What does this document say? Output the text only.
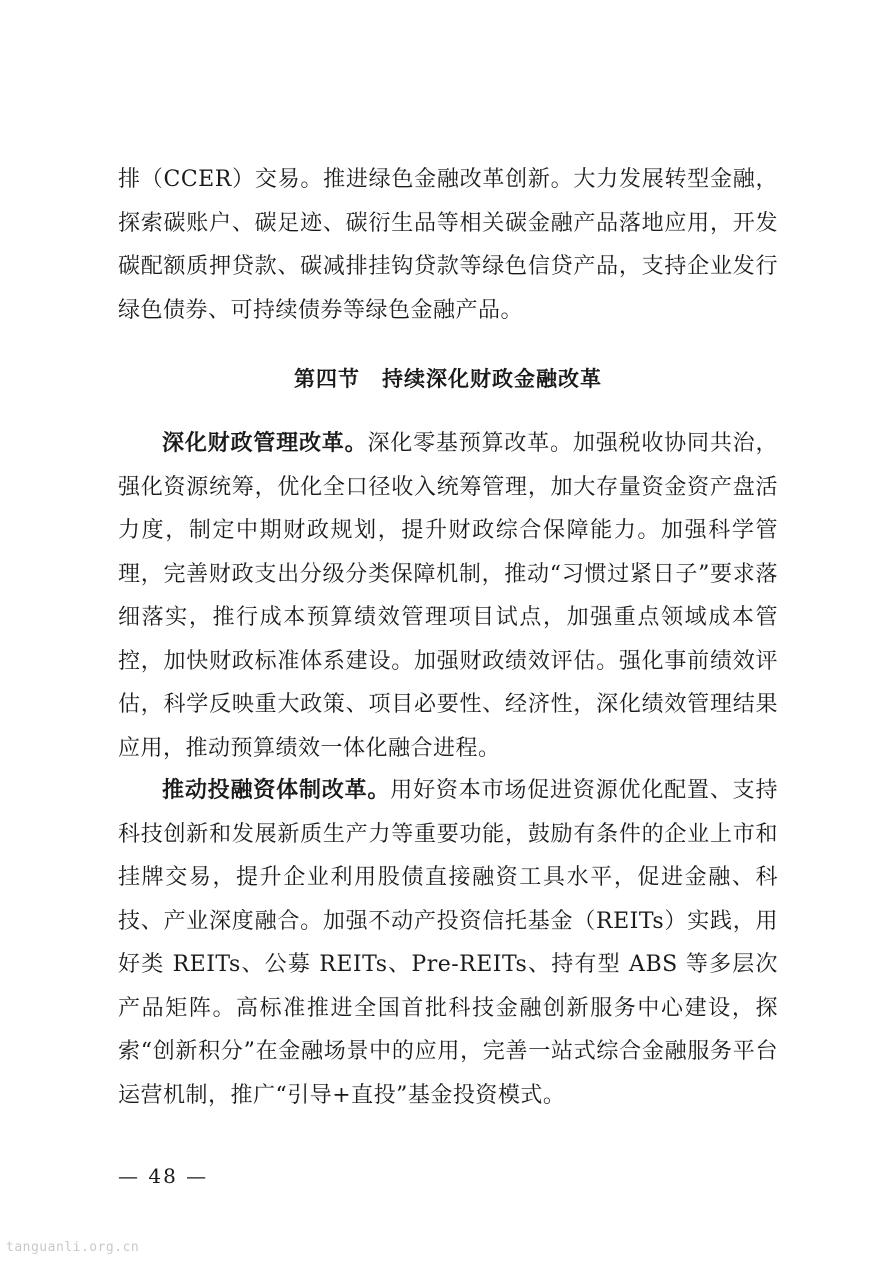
排（CCER）交易。推进绿色金融改革创新。大力发展转型金融，探索碳账户、碳足迹、碳衍生品等相关碳金融产品落地应用，开发碳配额质押贷款、碳减排挂钩贷款等绿色信贷产品，支持企业发行绿色债券、可持续债券等绿色金融产品。
第四节　持续深化财政金融改革
深化财政管理改革。深化零基预算改革。加强税收协同共治，强化资源统筹，优化全口径收入统筹管理，加大存量资金资产盘活力度，制定中期财政规划，提升财政综合保障能力。加强科学管理，完善财政支出分级分类保障机制，推动“习惯过紧日子”要求落细落实，推行成本预算绩效管理项目试点，加强重点领域成本管控，加快财政标准体系建设。加强财政绩效评估。强化事前绩效评估，科学反映重大政策、项目必要性、经济性，深化绩效管理结果应用，推动预算绩效一体化融合进程。
推动投融资体制改革。用好资本市场促进资源优化配置、支持科技创新和发展新质生产力等重要功能，鼓励有条件的企业上市和挂牌交易，提升企业利用股债直接融资工具水平，促进金融、科技、产业深度融合。加强不动产投资信托基金（REITs）实践，用好类 REITs、公募 REITs、Pre-REITs、持有型 ABS 等多层次产品矩阵。高标准推进全国首批科技金融创新服务中心建设，探索“创新积分”在金融场景中的应用，完善一站式综合金融服务平台运营机制，推广“引导+直投”基金投资模式。
— 48 —
tanguanli.org.cn
